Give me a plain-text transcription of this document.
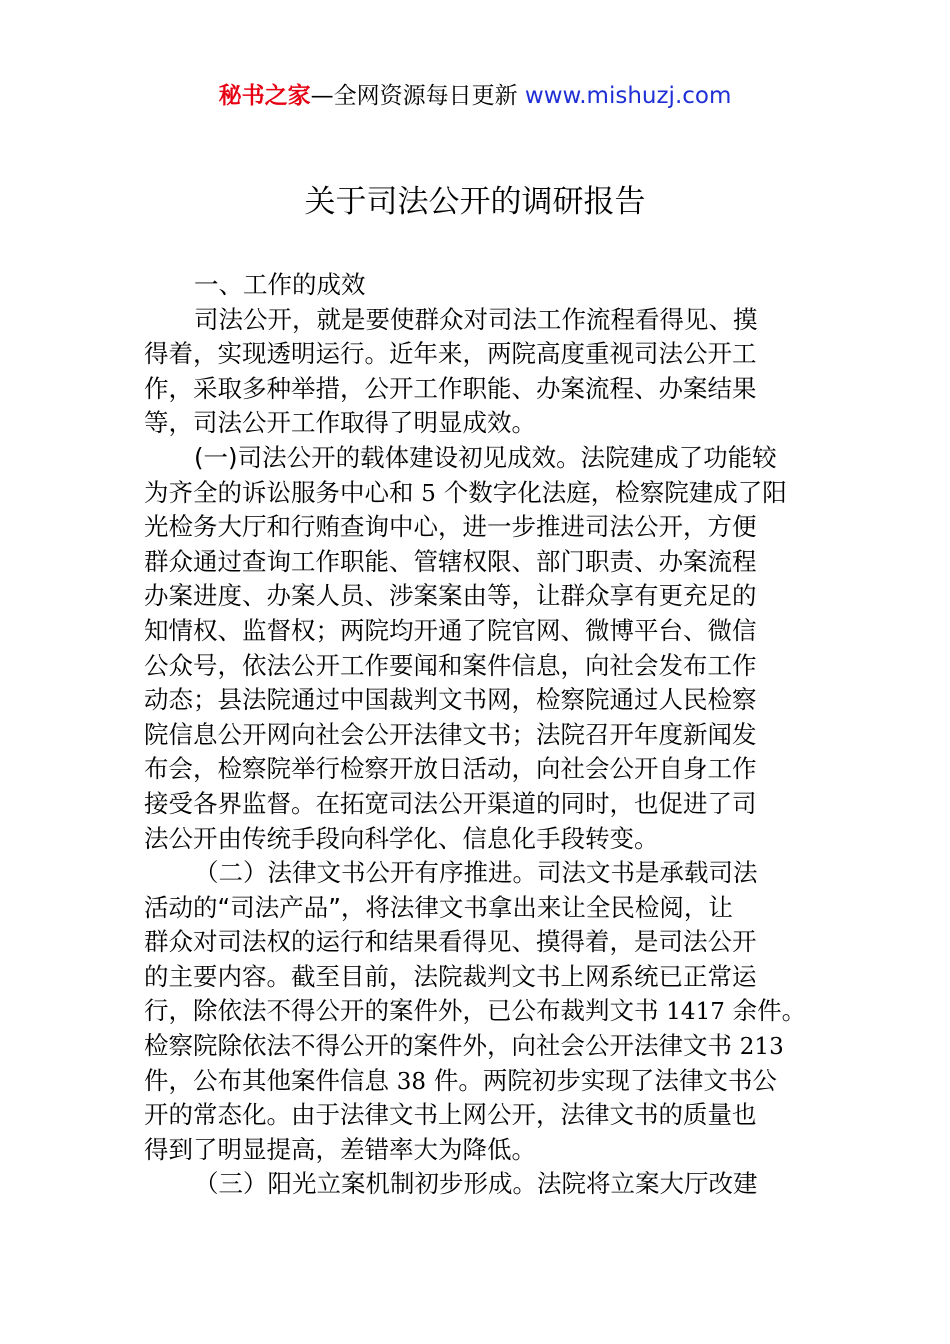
秘书之家—全网资源每日更新 www.mishuzj.com
关于司法公开的调研报告
一、工作的成效
司法公开，就是要使群众对司法工作流程看得见、摸
得着，实现透明运行。近年来，两院高度重视司法公开工
作，采取多种举措，公开工作职能、办案流程、办案结果
等，司法公开工作取得了明显成效。
(一)司法公开的载体建设初见成效。法院建成了功能较
为齐全的诉讼服务中心和 5 个数字化法庭，检察院建成了阳
光检务大厅和行贿查询中心，进一步推进司法公开，方便
群众通过查询工作职能、管辖权限、部门职责、办案流程
办案进度、办案人员、涉案案由等，让群众享有更充足的
知情权、监督权；两院均开通了院官网、微博平台、微信
公众号，依法公开工作要闻和案件信息，向社会发布工作
动态；县法院通过中国裁判文书网，检察院通过人民检察
院信息公开网向社会公开法律文书；法院召开年度新闻发
布会，检察院举行检察开放日活动，向社会公开自身工作
接受各界监督。在拓宽司法公开渠道的同时，也促进了司
法公开由传统手段向科学化、信息化手段转变。
（二）法律文书公开有序推进。司法文书是承载司法
活动的“司法产品”，将法律文书拿出来让全民检阅，让
群众对司法权的运行和结果看得见、摸得着，是司法公开
的主要内容。截至目前，法院裁判文书上网系统已正常运
行，除依法不得公开的案件外，已公布裁判文书 1417 余件。
检察院除依法不得公开的案件外，向社会公开法律文书 213
件，公布其他案件信息 38 件。两院初步实现了法律文书公
开的常态化。由于法律文书上网公开，法律文书的质量也
得到了明显提高，差错率大为降低。
（三）阳光立案机制初步形成。法院将立案大厅改建
